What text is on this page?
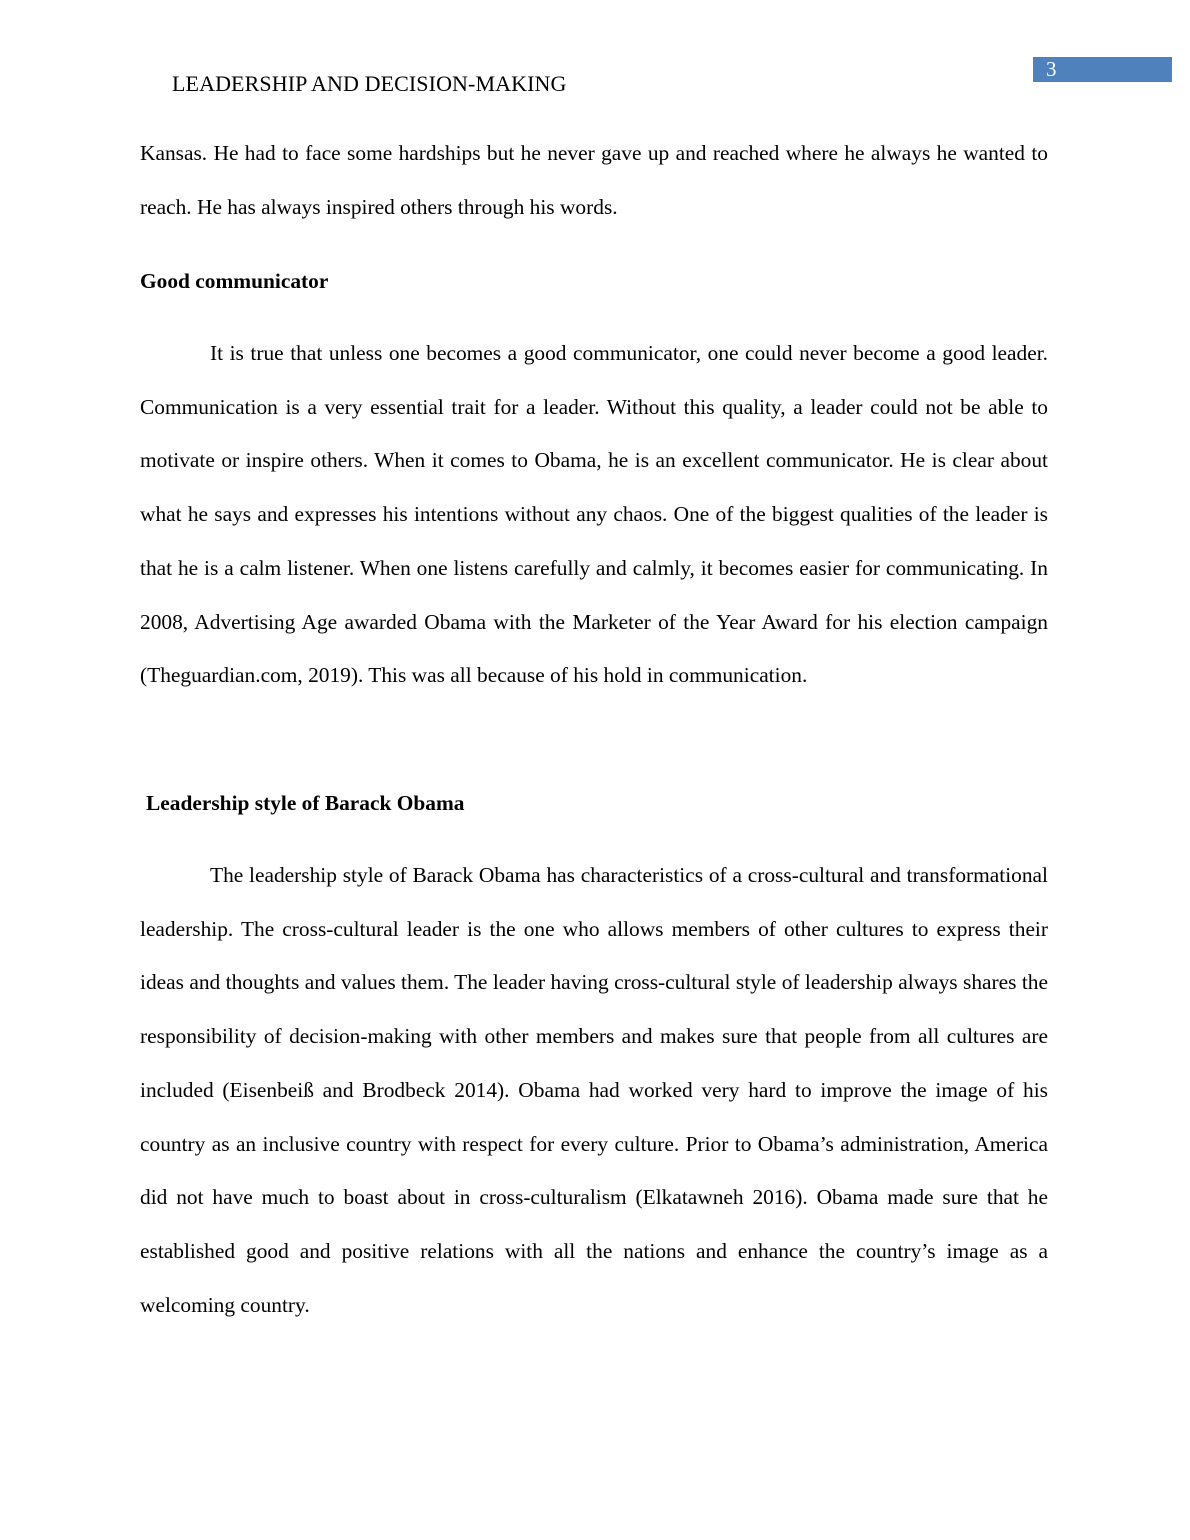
LEADERSHIP AND DECISION-MAKING
3

Kansas. He had to face some hardships but he never gave up and reached where he always he wanted to reach. He has always inspired others through his words.

Good communicator

It is true that unless one becomes a good communicator, one could never become a good leader. Communication is a very essential trait for a leader. Without this quality, a leader could not be able to motivate or inspire others. When it comes to Obama, he is an excellent communicator. He is clear about what he says and expresses his intentions without any chaos. One of the biggest qualities of the leader is that he is a calm listener. When one listens carefully and calmly, it becomes easier for communicating. In 2008, Advertising Age awarded Obama with the Marketer of the Year Award for his election campaign (Theguardian.com, 2019). This was all because of his hold in communication.

Leadership style of Barack Obama

The leadership style of Barack Obama has characteristics of a cross-cultural and transformational leadership. The cross-cultural leader is the one who allows members of other cultures to express their ideas and thoughts and values them. The leader having cross-cultural style of leadership always shares the responsibility of decision-making with other members and makes sure that people from all cultures are included (Eisenbeiß and Brodbeck 2014). Obama had worked very hard to improve the image of his country as an inclusive country with respect for every culture. Prior to Obama’s administration, America did not have much to boast about in cross-culturalism (Elkatawneh 2016). Obama made sure that he established good and positive relations with all the nations and enhance the country’s image as a welcoming country.
